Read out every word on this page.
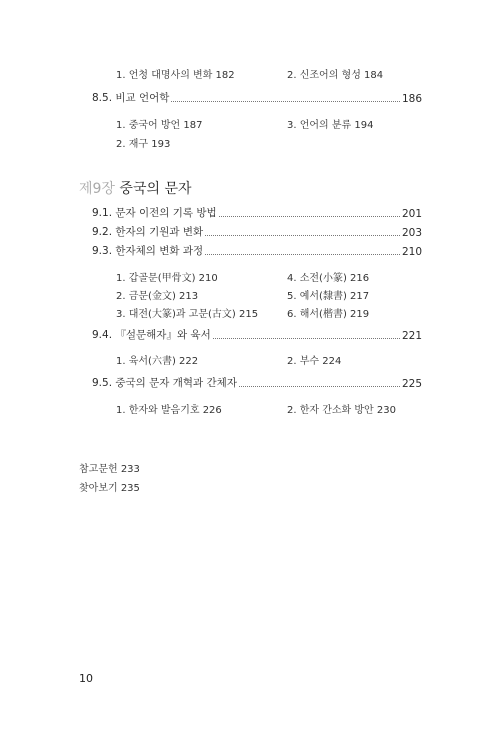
1. 언청 대명사의 변화 182	2. 신조어의 형성 184
8.5. 비교 언어학	186
1. 중국어 방언 187	3. 언어의 분류 194
2. 재구 193
제9장 중국의 문자
9.1. 문자 이전의 기록 방법	201
9.2. 한자의 기원과 변화	203
9.3. 한자체의 변화 과정	210
1. 갑골문(甲骨文) 210	4. 소전(小篆) 216
2. 금문(金文) 213	5. 예서(隸書) 217
3. 대전(大篆)과 고문(古文) 215	6. 해서(楷書) 219
9.4. 『설문해자』와 육서	221
1. 육서(六書) 222	2. 부수 224
9.5. 중국의 문자 개혁과 간체자	225
1. 한자와 발음기호 226	2. 한자 간소화 방안 230
참고문헌 233
찾아보기 235
10
